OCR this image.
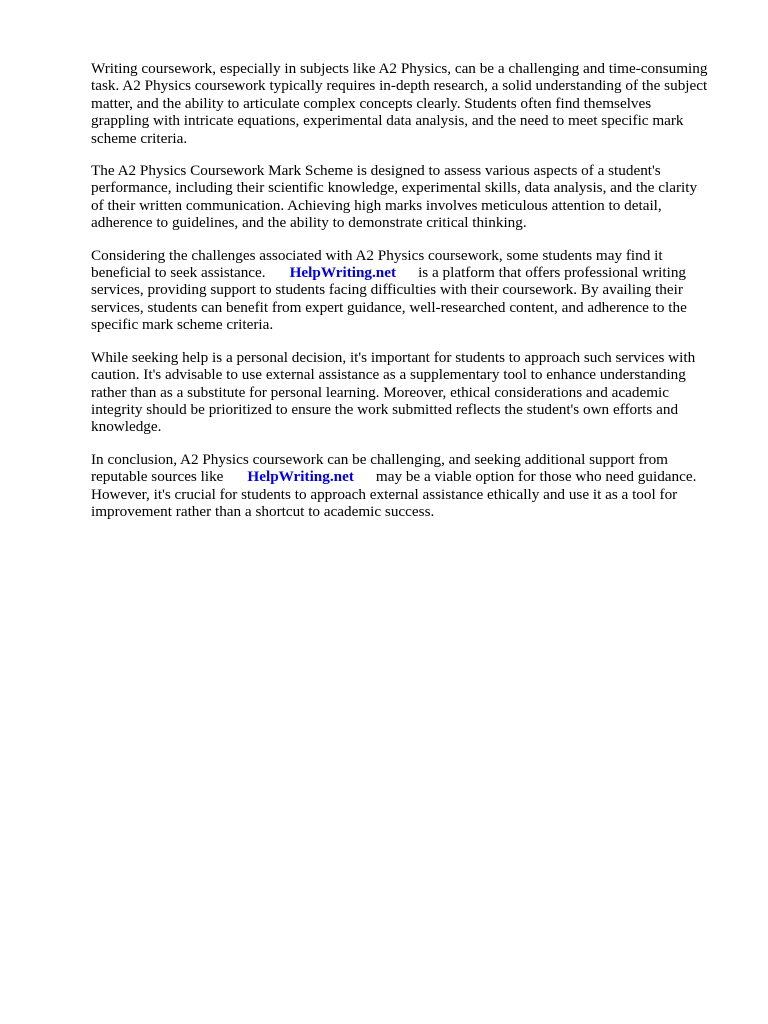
Writing coursework, especially in subjects like A2 Physics, can be a challenging and time-consuming
task. A2 Physics coursework typically requires in-depth research, a solid understanding of the subject
matter, and the ability to articulate complex concepts clearly. Students often find themselves
grappling with intricate equations, experimental data analysis, and the need to meet specific mark
scheme criteria.

The A2 Physics Coursework Mark Scheme is designed to assess various aspects of a student's
performance, including their scientific knowledge, experimental skills, data analysis, and the clarity
of their written communication. Achieving high marks involves meticulous attention to detail,
adherence to guidelines, and the ability to demonstrate critical thinking.

Considering the challenges associated with A2 Physics coursework, some students may find it
beneficial to seek assistance. HelpWriting.net is a platform that offers professional writing
services, providing support to students facing difficulties with their coursework. By availing their
services, students can benefit from expert guidance, well-researched content, and adherence to the
specific mark scheme criteria.

While seeking help is a personal decision, it's important for students to approach such services with
caution. It's advisable to use external assistance as a supplementary tool to enhance understanding
rather than as a substitute for personal learning. Moreover, ethical considerations and academic
integrity should be prioritized to ensure the work submitted reflects the student's own efforts and
knowledge.

In conclusion, A2 Physics coursework can be challenging, and seeking additional support from
reputable sources like HelpWriting.net may be a viable option for those who need guidance.
However, it's crucial for students to approach external assistance ethically and use it as a tool for
improvement rather than a shortcut to academic success.
